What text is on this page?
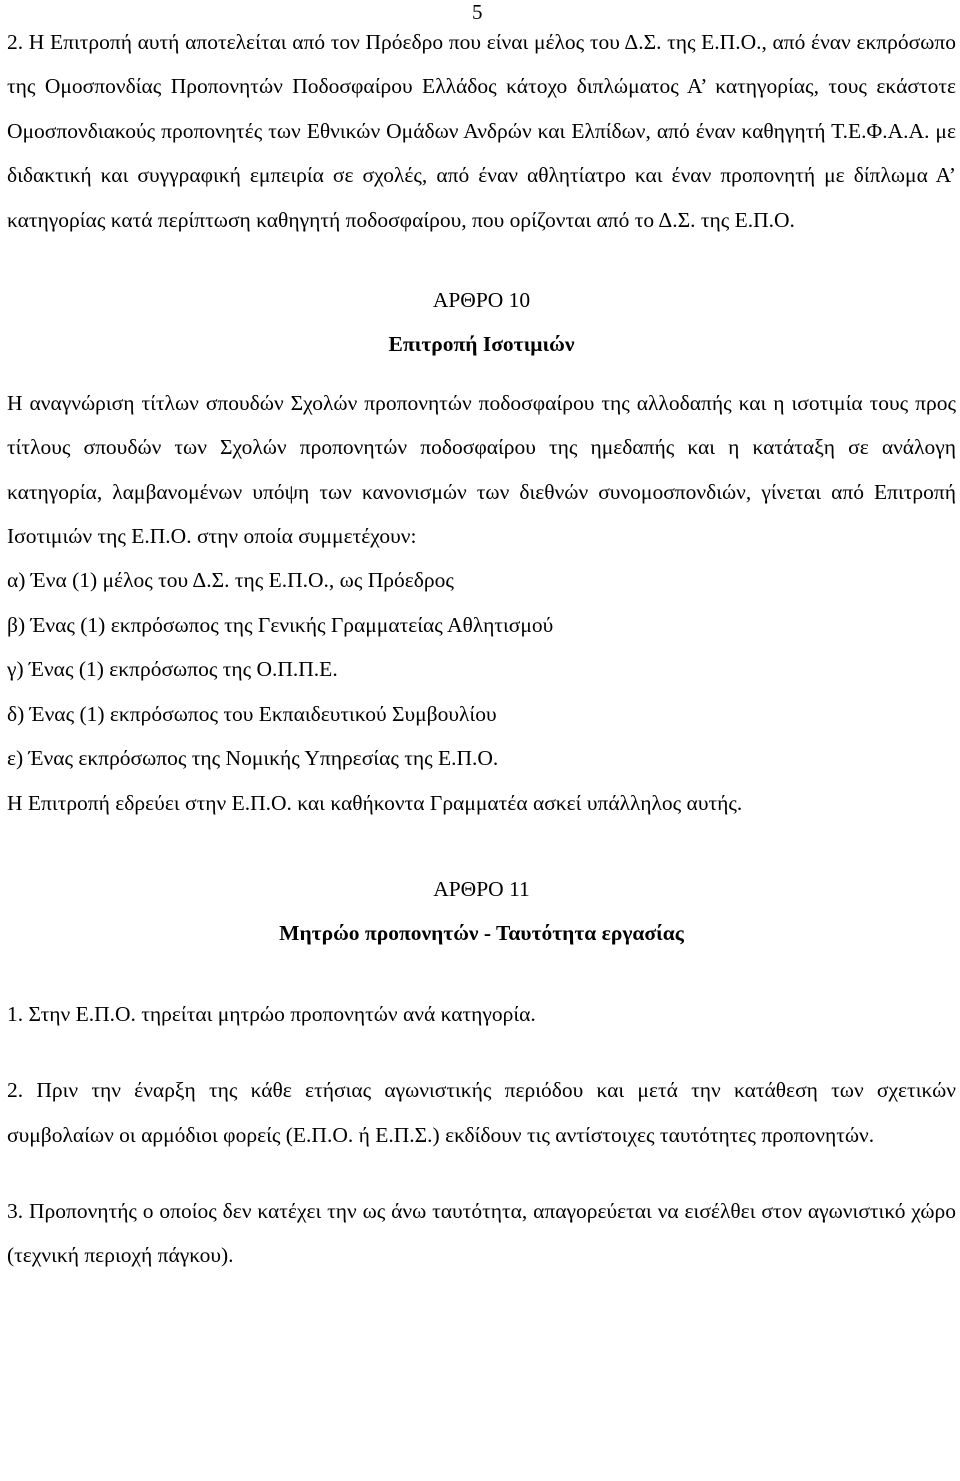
5

2. Η Επιτροπή αυτή αποτελείται από τον Πρόεδρο που είναι μέλος του Δ.Σ. της Ε.Π.Ο., από έναν εκπρόσωπο της Ομοσπονδίας Προπονητών Ποδοσφαίρου Ελλάδος κάτοχο διπλώματος Α’ κατηγορίας, τους εκάστοτε Ομοσπονδιακούς προπονητές των Εθνικών Ομάδων Ανδρών και Ελπίδων, από έναν καθηγητή Τ.Ε.Φ.Α.Α. με διδακτική και συγγραφική εμπειρία σε σχολές, από έναν αθλητίατρο και έναν προπονητή με δίπλωμα Α’ κατηγορίας κατά περίπτωση καθηγητή ποδοσφαίρου, που ορίζονται από το Δ.Σ. της Ε.Π.Ο.

ΑΡΘΡΟ 10
Επιτροπή Ισοτιμιών

Η αναγνώριση τίτλων σπουδών Σχολών προπονητών ποδοσφαίρου της αλλοδαπής και η ισοτιμία τους προς τίτλους σπουδών των Σχολών προπονητών ποδοσφαίρου της ημεδαπής και η κατάταξη σε ανάλογη κατηγορία, λαμβανομένων υπόψη των κανονισμών των διεθνών συνομοσπονδιών, γίνεται από Επιτροπή Ισοτιμιών της Ε.Π.Ο. στην οποία συμμετέχουν:

α) Ένα (1) μέλος του Δ.Σ. της Ε.Π.Ο., ως Πρόεδρος
β) Ένας (1) εκπρόσωπος της Γενικής Γραμματείας Αθλητισμού
γ) Ένας (1) εκπρόσωπος της Ο.Π.Π.Ε.
δ) Ένας (1) εκπρόσωπος του Εκπαιδευτικού Συμβουλίου
ε) Ένας εκπρόσωπος της Νομικής Υπηρεσίας της Ε.Π.Ο.
Η Επιτροπή εδρεύει στην Ε.Π.Ο. και καθήκοντα Γραμματέα ασκεί υπάλληλος αυτής.
ΑΡΘΡΟ 11
Μητρώο προπονητών - Ταυτότητα εργασίας
1. Στην Ε.Π.Ο. τηρείται μητρώο προπονητών ανά κατηγορία.

2. Πριν την έναρξη της κάθε ετήσιας αγωνιστικής περιόδου και μετά την κατάθεση των σχετικών συμβολαίων οι αρμόδιοι φορείς (Ε.Π.Ο. ή Ε.Π.Σ.) εκδίδουν τις αντίστοιχες ταυτότητες προπονητών.

3. Προπονητής ο οποίος δεν κατέχει την ως άνω ταυτότητα, απαγορεύεται να εισέλθει στον αγωνιστικό χώρο (τεχνική περιοχή πάγκου).
